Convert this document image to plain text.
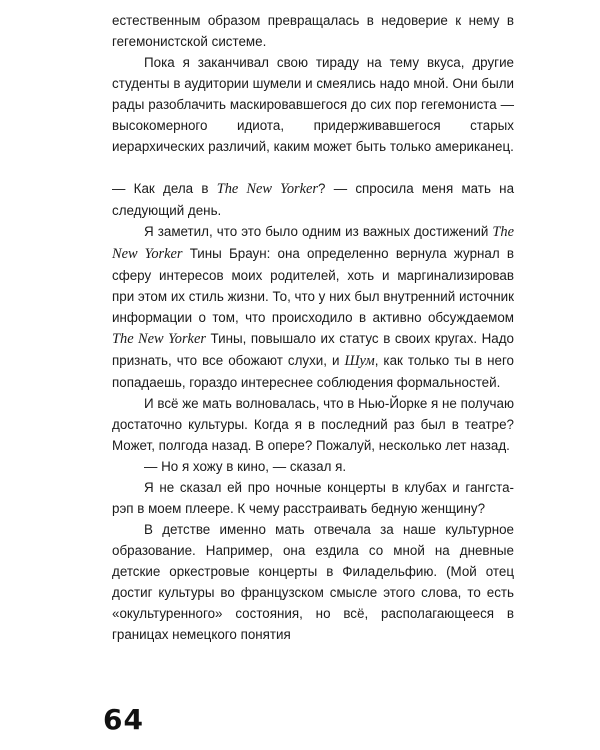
естественным образом превращалась в недоверие к нему в гегемонистской системе.

Пока я заканчивал свою тираду на тему вкуса, другие студенты в аудитории шумели и смеялись надо мной. Они были рады разоблачить маскировавшегося до сих пор гегемониста — высокомерного идиота, придерживавшегося старых иерархических различий, каким может быть только американец.

— Как дела в The New Yorker? — спросила меня мать на следующий день.

Я заметил, что это было одним из важных достижений The New Yorker Тины Браун: она определенно вернула журнал в сферу интересов моих родителей, хоть и маргинализировав при этом их стиль жизни. То, что у них был внутренний источник информации о том, что происходило в активно обсуждаемом The New Yorker Тины, повышало их статус в своих кругах. Надо признать, что все обожают слухи, и Шум, как только ты в него попадаешь, гораздо интереснее соблюдения формальностей.

И всё же мать волновалась, что в Нью-Йорке я не получаю достаточно культуры. Когда я в последний раз был в театре? Может, полгода назад. В опере? Пожалуй, несколько лет назад.

— Но я хожу в кино, — сказал я.

Я не сказал ей про ночные концерты в клубах и гангста-рэп в моем плеере. К чему расстраивать бедную женщину?

В детстве именно мать отвечала за наше культурное образование. Например, она ездила со мной на дневные детские оркестровые концерты в Филадельфию. (Мой отец достиг культуры во французском смысле этого слова, то есть «окультуренного» состояния, но всё, располагающееся в границах немецкого понятия

64
